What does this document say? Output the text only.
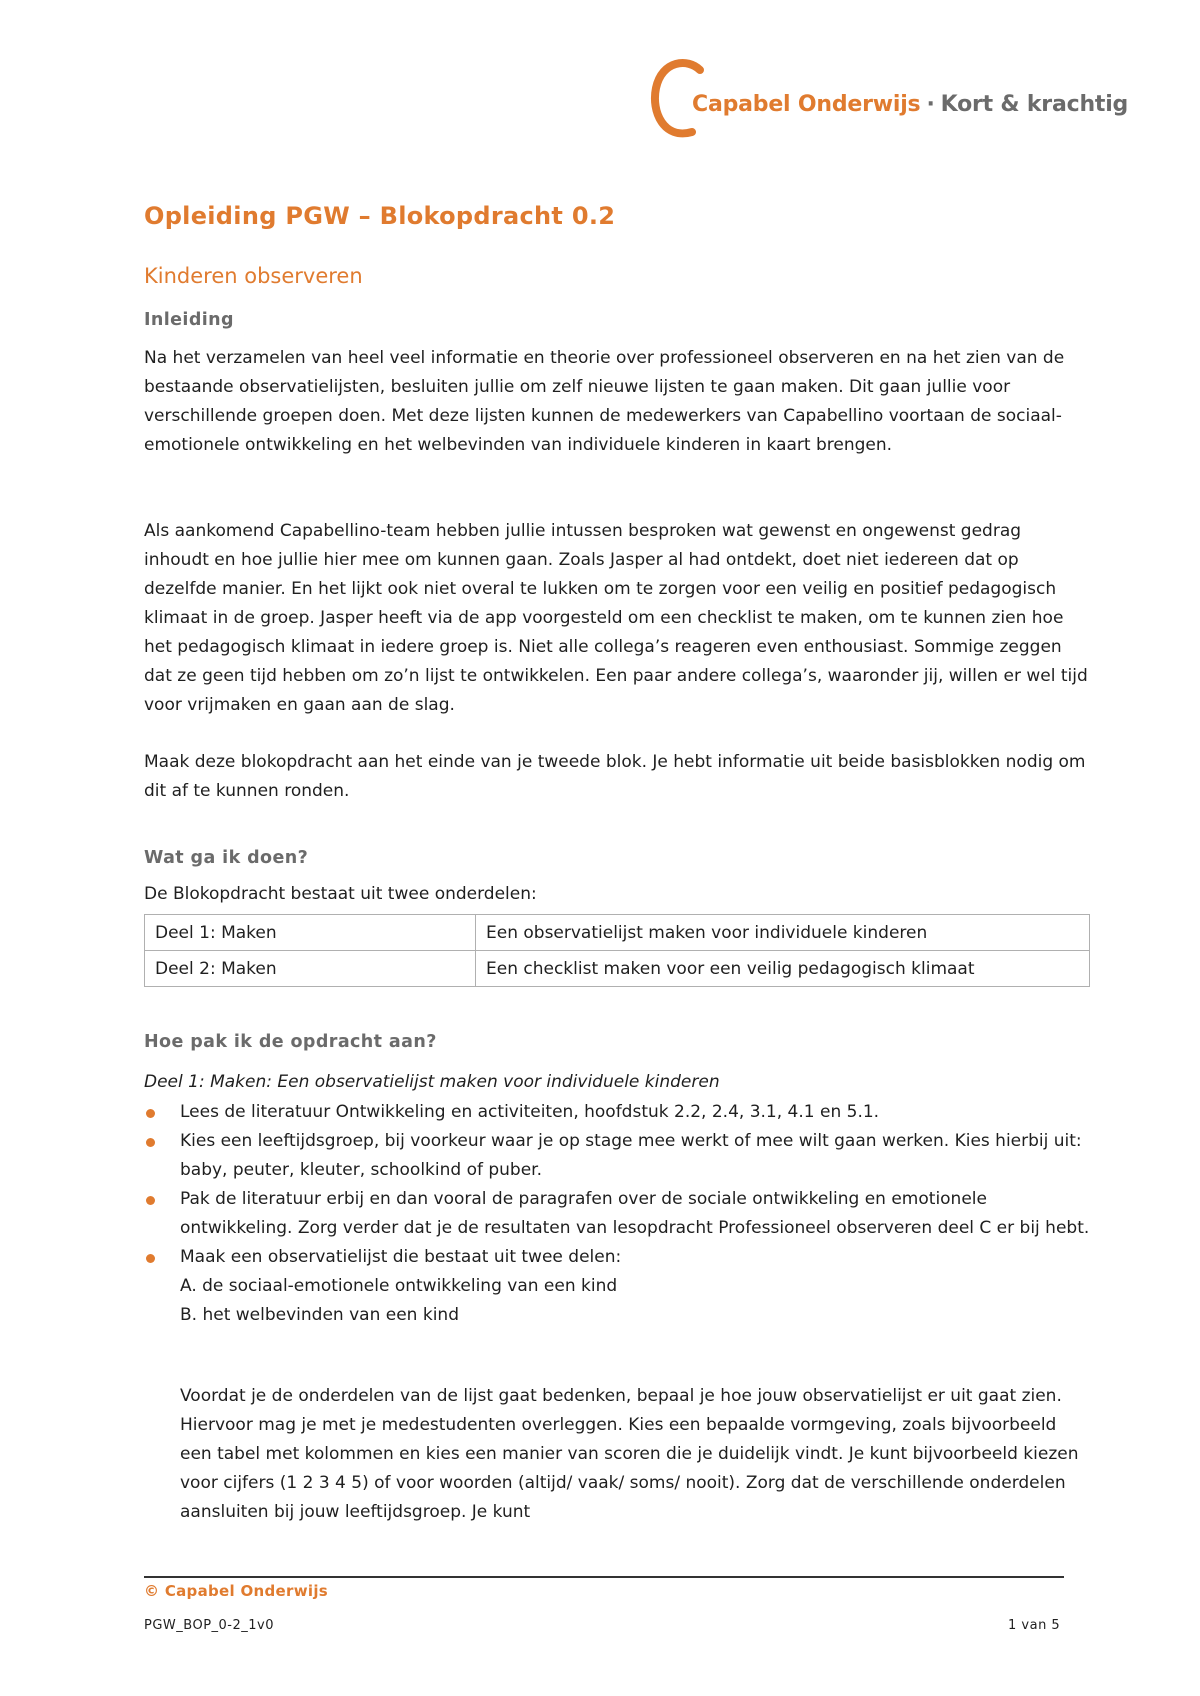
Capabel Onderwijs · Kort & krachtig
Opleiding PGW – Blokopdracht 0.2
Kinderen observeren
Inleiding

Na het verzamelen van heel veel informatie en theorie over professioneel observeren en na het zien van de bestaande observatielijsten, besluiten jullie om zelf nieuwe lijsten te gaan maken. Dit gaan jullie voor verschillende groepen doen. Met deze lijsten kunnen de medewerkers van Capabellino voortaan de sociaal-emotionele ontwikkeling en het welbevinden van individuele kinderen in kaart brengen.

Als aankomend Capabellino-team hebben jullie intussen besproken wat gewenst en ongewenst gedrag inhoudt en hoe jullie hier mee om kunnen gaan. Zoals Jasper al had ontdekt, doet niet iedereen dat op dezelfde manier. En het lijkt ook niet overal te lukken om te zorgen voor een veilig en positief pedagogisch klimaat in de groep. Jasper heeft via de app voorgesteld om een checklist te maken, om te kunnen zien hoe het pedagogisch klimaat in iedere groep is. Niet alle collega’s reageren even enthousiast. Sommige zeggen dat ze geen tijd hebben om zo’n lijst te ontwikkelen. Een paar andere collega’s, waaronder jij, willen er wel tijd voor vrijmaken en gaan aan de slag.

Maak deze blokopdracht aan het einde van je tweede blok. Je hebt informatie uit beide basisblokken nodig om dit af te kunnen ronden.

Wat ga ik doen?

De Blokopdracht bestaat uit twee onderdelen:

Deel 1: Maken	Een observatielijst maken voor individuele kinderen
Deel 2: Maken	Een checklist maken voor een veilig pedagogisch klimaat
Hoe pak ik de opdracht aan?

Deel 1: Maken: Een observatielijst maken voor individuele kinderen

Lees de literatuur Ontwikkeling en activiteiten, hoofdstuk 2.2, 2.4, 3.1, 4.1 en 5.1.
Kies een leeftijdsgroep, bij voorkeur waar je op stage mee werkt of mee wilt gaan werken. Kies hierbij uit: baby, peuter, kleuter, schoolkind of puber.
Pak de literatuur erbij en dan vooral de paragrafen over de sociale ontwikkeling en emotionele ontwikkeling. Zorg verder dat je de resultaten van lesopdracht Professioneel observeren deel C er bij hebt.
Maak een observatielijst die bestaat uit twee delen:
A. de sociaal-emotionele ontwikkeling van een kind
B. het welbevinden van een kind

Voordat je de onderdelen van de lijst gaat bedenken, bepaal je hoe jouw observatielijst er uit gaat zien. Hiervoor mag je met je medestudenten overleggen. Kies een bepaalde vormgeving, zoals bijvoorbeeld een tabel met kolommen en kies een manier van scoren die je duidelijk vindt. Je kunt bijvoorbeeld kiezen voor cijfers (1 2 3 4 5) of voor woorden (altijd/ vaak/ soms/ nooit). Zorg dat de verschillende onderdelen aansluiten bij jouw leeftijdsgroep. Je kunt

© Capabel Onderwijs
PGW_BOP_0-2_1v0	1 van 5
